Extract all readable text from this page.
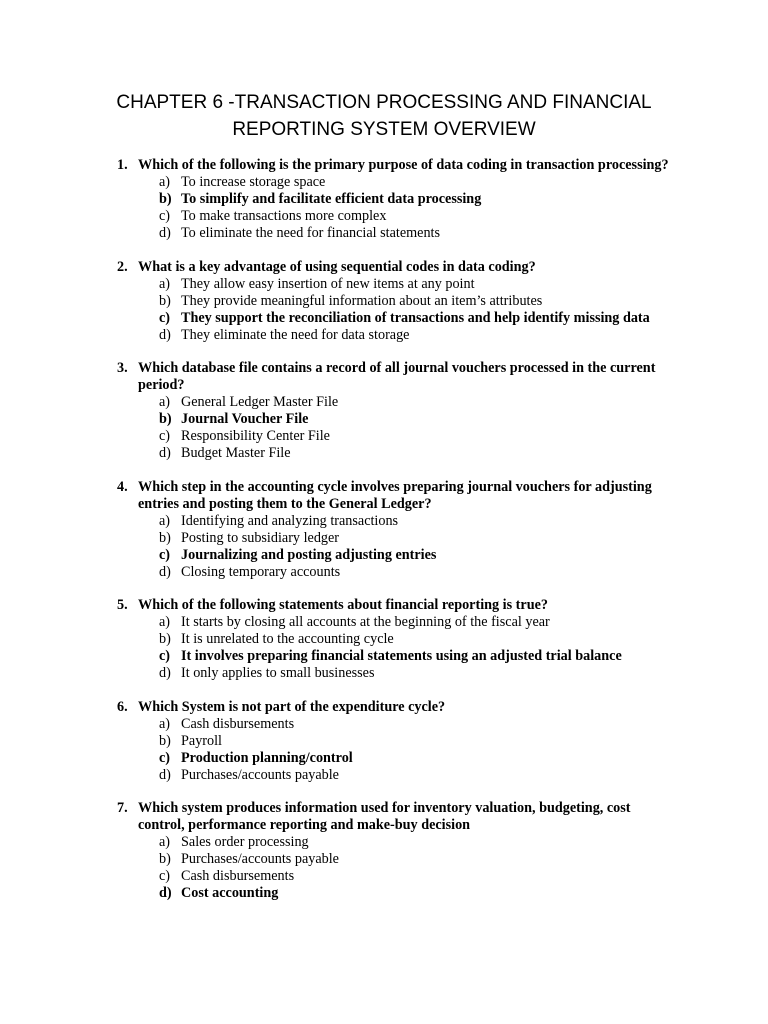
CHAPTER 6 -TRANSACTION PROCESSING AND FINANCIAL
REPORTING SYSTEM OVERVIEW
1. Which of the following is the primary purpose of data coding in transaction processing?
a) To increase storage space
b) To simplify and facilitate efficient data processing
c) To make transactions more complex
d) To eliminate the need for financial statements
2. What is a key advantage of using sequential codes in data coding?
a) They allow easy insertion of new items at any point
b) They provide meaningful information about an item’s attributes
c) They support the reconciliation of transactions and help identify missing data
d) They eliminate the need for data storage
3. Which database file contains a record of all journal vouchers processed in the current period?
a) General Ledger Master File
b) Journal Voucher File
c) Responsibility Center File
d) Budget Master File
4. Which step in the accounting cycle involves preparing journal vouchers for adjusting entries and posting them to the General Ledger?
a) Identifying and analyzing transactions
b) Posting to subsidiary ledger
c) Journalizing and posting adjusting entries
d) Closing temporary accounts
5. Which of the following statements about financial reporting is true?
a) It starts by closing all accounts at the beginning of the fiscal year
b) It is unrelated to the accounting cycle
c) It involves preparing financial statements using an adjusted trial balance
d) It only applies to small businesses
6. Which System is not part of the expenditure cycle?
a) Cash disbursements
b) Payroll
c) Production planning/control
d) Purchases/accounts payable
7. Which system produces information used for inventory valuation, budgeting, cost control, performance reporting and make-buy decision
a) Sales order processing
b) Purchases/accounts payable
c) Cash disbursements
d) Cost accounting
